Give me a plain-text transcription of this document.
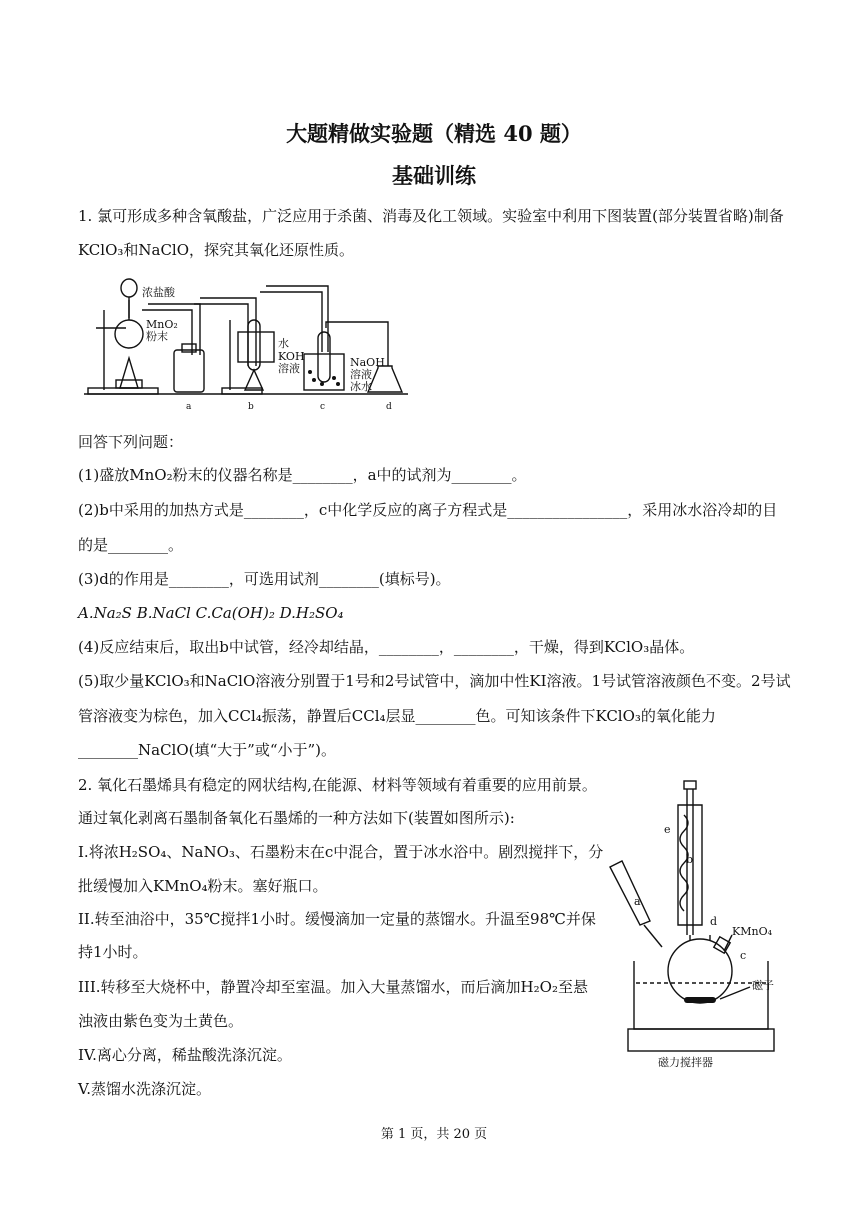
大题精做实验题（精选 40 题）
基础训练
1. 氯可形成多种含氧酸盐，广泛应用于杀菌、消毒及化工领域。实验室中利用下图装置(部分装置省略)制备
KClO₃和NaClO，探究其氧化还原性质。
浓盐酸
MnO₂
粉末
水
KOH
溶液	NaOH
溶液
冰水
a	b	c	d
回答下列问题：
(1)盛放MnO₂粉末的仪器名称是________，a中的试剂为________。
(2)b中采用的加热方式是________，c中化学反应的离子方程式是________________，采用冰水浴冷却的目
的是________。
(3)d的作用是________，可选用试剂________(填标号)。
A.Na₂S B.NaCl C.Ca(OH)₂ D.H₂SO₄
(4)反应结束后，取出b中试管，经冷却结晶，________，________，干燥，得到KClO₃晶体。
(5)取少量KClO₃和NaClO溶液分别置于1号和2号试管中，滴加中性KI溶液。1号试管溶液颜色不变。2号试
管溶液变为棕色，加入CCl₄振荡，静置后CCl₄层显________色。可知该条件下KClO₃的氧化能力
________NaClO(填“大于”或“小于”)。
2. 氧化石墨烯具有稳定的网状结构,在能源、材料等领域有着重要的应用前景。
通过氧化剥离石墨制备氧化石墨烯的一种方法如下(装置如图所示):
I.将浓H₂SO₄、NaNO₃、石墨粉末在c中混合，置于冰水浴中。剧烈搅拌下，分
批缓慢加入KMnO₄粉末。塞好瓶口。
II.转至油浴中，35℃搅拌1小时。缓慢滴加一定量的蒸馏水。升温至98℃并保
持1小时。
III.转移至大烧杯中，静置冷却至室温。加入大量蒸馏水，而后滴加H₂O₂至悬
浊液由紫色变为土黄色。
IV.离心分离，稀盐酸洗涤沉淀。
V.蒸馏水洗涤沉淀。
e
b
a
d
KMnO₄
c
磁子
磁力搅拌器
第 1 页，共 20 页
